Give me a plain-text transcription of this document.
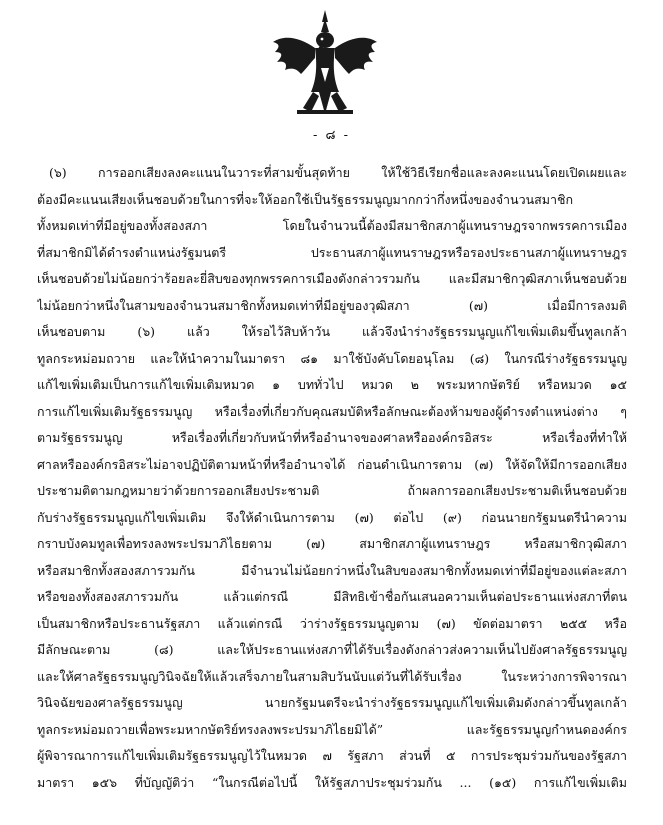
- ๘ -
(๖) การออกเสียงลงคะแนนในวาระที่สามขั้นสุดท้าย ให้ใช้วิธีเรียกชื่อและลงคะแนนโดยเปิดเผยและ
ต้องมีคะแนนเสียงเห็นชอบด้วยในการที่จะให้ออกใช้เป็นรัฐธรรมนูญมากกว่ากึ่งหนึ่งของจำนวนสมาชิก
ทั้งหมดเท่าที่มีอยู่ของทั้งสองสภา โดยในจำนวนนี้ต้องมีสมาชิกสภาผู้แทนราษฎรจากพรรคการเมือง
ที่สมาชิกมิได้ดำรงตำแหน่งรัฐมนตรี ประธานสภาผู้แทนราษฎรหรือรองประธานสภาผู้แทนราษฎร
เห็นชอบด้วยไม่น้อยกว่าร้อยละยี่สิบของทุกพรรคการเมืองดังกล่าวรวมกัน และมีสมาชิกวุฒิสภาเห็นชอบด้วย
ไม่น้อยกว่าหนึ่งในสามของจำนวนสมาชิกทั้งหมดเท่าที่มีอยู่ของวุฒิสภา (๗) เมื่อมีการลงมติ
เห็นชอบตาม (๖) แล้ว ให้รอไว้สิบห้าวัน แล้วจึงนำร่างรัฐธรรมนูญแก้ไขเพิ่มเติมขึ้นทูลเกล้า
ทูลกระหม่อมถวาย และให้นำความในมาตรา ๘๑ มาใช้บังคับโดยอนุโลม (๘) ในกรณีร่างรัฐธรรมนูญ
แก้ไขเพิ่มเติมเป็นการแก้ไขเพิ่มเติมหมวด ๑ บททั่วไป หมวด ๒ พระมหากษัตริย์ หรือหมวด ๑๕
การแก้ไขเพิ่มเติมรัฐธรรมนูญ หรือเรื่องที่เกี่ยวกับคุณสมบัติหรือลักษณะต้องห้ามของผู้ดำรงตำแหน่งต่าง ๆ
ตามรัฐธรรมนูญ หรือเรื่องที่เกี่ยวกับหน้าที่หรืออำนาจของศาลหรือองค์กรอิสระ หรือเรื่องที่ทำให้
ศาลหรือองค์กรอิสระไม่อาจปฏิบัติตามหน้าที่หรืออำนาจได้ ก่อนดำเนินการตาม (๗) ให้จัดให้มีการออกเสียง
ประชามติตามกฎหมายว่าด้วยการออกเสียงประชามติ ถ้าผลการออกเสียงประชามติเห็นชอบด้วย
กับร่างรัฐธรรมนูญแก้ไขเพิ่มเติม จึงให้ดำเนินการตาม (๗) ต่อไป (๙) ก่อนนายกรัฐมนตรีนำความ
กราบบังคมทูลเพื่อทรงลงพระปรมาภิไธยตาม (๗) สมาชิกสภาผู้แทนราษฎร หรือสมาชิกวุฒิสภา
หรือสมาชิกทั้งสองสภารวมกัน มีจำนวนไม่น้อยกว่าหนึ่งในสิบของสมาชิกทั้งหมดเท่าที่มีอยู่ของแต่ละสภา
หรือของทั้งสองสภารวมกัน แล้วแต่กรณี มีสิทธิเข้าชื่อกันเสนอความเห็นต่อประธานแห่งสภาที่ตน
เป็นสมาชิกหรือประธานรัฐสภา แล้วแต่กรณี ว่าร่างรัฐธรรมนูญตาม (๗) ขัดต่อมาตรา ๒๕๕ หรือ
มีลักษณะตาม (๘) และให้ประธานแห่งสภาที่ได้รับเรื่องดังกล่าวส่งความเห็นไปยังศาลรัฐธรรมนูญ
และให้ศาลรัฐธรรมนูญวินิจฉัยให้แล้วเสร็จภายในสามสิบวันนับแต่วันที่ได้รับเรื่อง ในระหว่างการพิจารณา
วินิจฉัยของศาลรัฐธรรมนูญ นายกรัฐมนตรีจะนำร่างรัฐธรรมนูญแก้ไขเพิ่มเติมดังกล่าวขึ้นทูลเกล้า
ทูลกระหม่อมถวายเพื่อพระมหากษัตริย์ทรงลงพระปรมาภิไธยมิได้” และรัฐธรรมนูญกำหนดองค์กร
ผู้พิจารณาการแก้ไขเพิ่มเติมรัฐธรรมนูญไว้ในหมวด ๗ รัฐสภา ส่วนที่ ๕ การประชุมร่วมกันของรัฐสภา
มาตรา ๑๕๖ ที่บัญญัติว่า “ในกรณีต่อไปนี้ ให้รัฐสภาประชุมร่วมกัน ... (๑๕) การแก้ไขเพิ่มเติม
